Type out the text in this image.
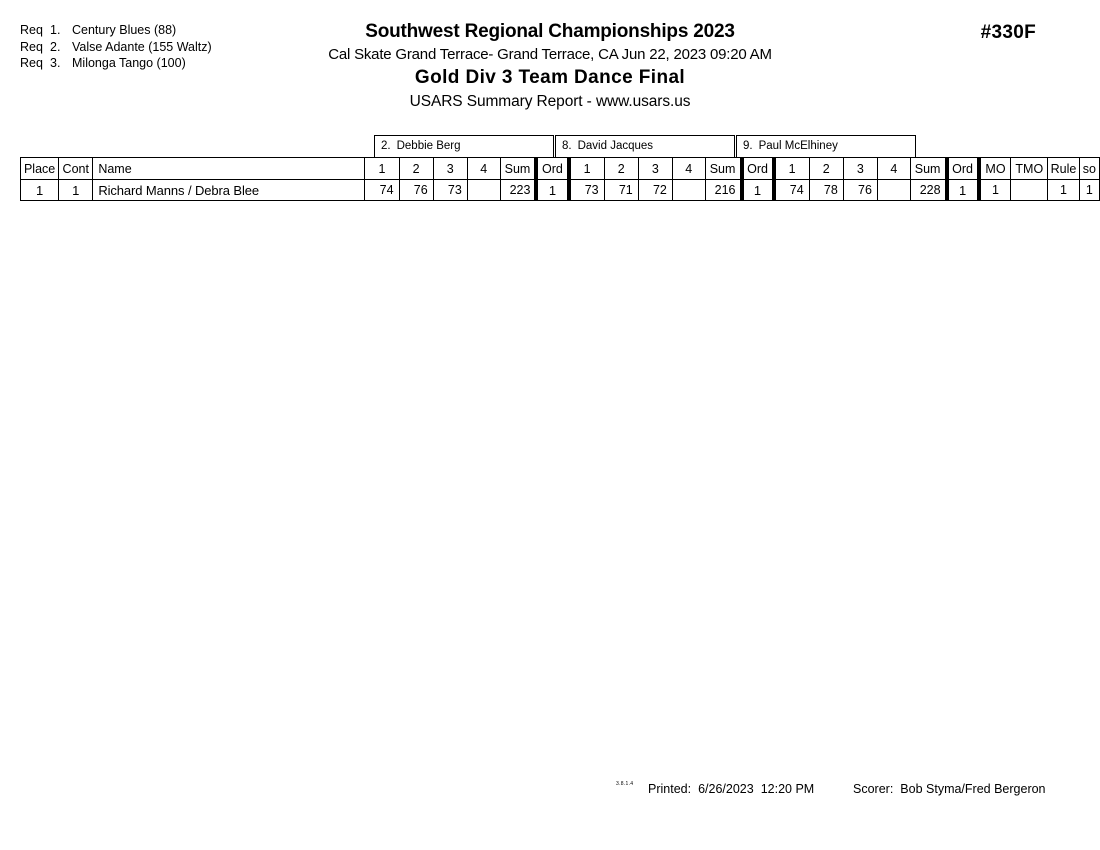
Req 1. Century Blues (88)
Req 2. Valse Adante (155 Waltz)
Req 3. Milonga Tango (100)
Southwest Regional Championships 2023
Cal Skate Grand Terrace- Grand Terrace, CA Jun 22, 2023 09:20 AM
Gold Div 3 Team Dance Final
USARS Summary Report - www.usars.us
#330F
2. Debbie Berg	8. David Jacques	9. Paul McElhiney
Place	Cont	Name	1	2	3	4	Sum	Ord	1	2	3	4	Sum	Ord	1	2	3	4	Sum	Ord	MO	TMO	Rule	so
1	1	Richard Manns / Debra Blee	74	76	73		223	1	73	71	72		216	1	74	78	76		228	1	1		1	1
3.8.1.4 Printed: 6/26/2023 12:20 PM	Scorer: Bob Styma/Fred Bergeron
